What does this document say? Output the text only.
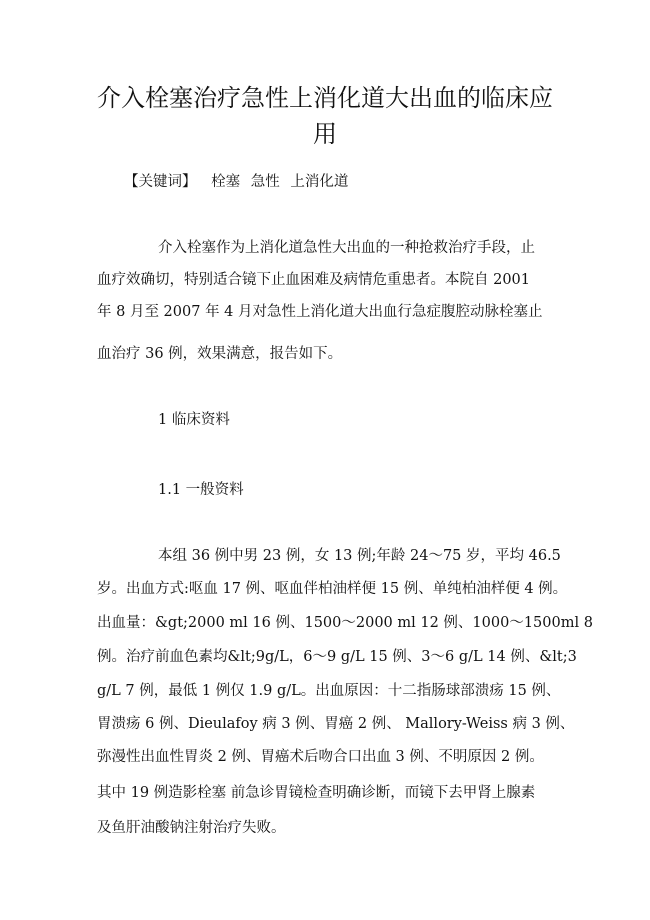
介入栓塞治疗急性上消化道大出血的临床应
用
【关键词】 栓塞 急性 上消化道
介入栓塞作为上消化道急性大出血的一种抢救治疗手段，止
血疗效确切，特别适合镜下止血困难及病情危重患者。本院自 2001
年 8 月至 2007 年 4 月对急性上消化道大出血行急症腹腔动脉栓塞止
血治疗 36 例，效果满意，报告如下。
1 临床资料
1.1 一般资料
本组 36 例中男 23 例，女 13 例;年龄 24～75 岁，平均 46.5
岁。出血方式:呕血 17 例、呕血伴柏油样便 15 例、单纯柏油样便 4 例。
出血量：&gt;2000 ml 16 例、1500～2000 ml 12 例、1000～1500ml 8
例。治疗前血色素均&lt;9g/L，6～9 g/L 15 例、3～6 g/L 14 例、&lt;3
g/L 7 例，最低 1 例仅 1.9 g/L。出血原因：十二指肠球部溃疡 15 例、
胃溃疡 6 例、Dieulafoy 病 3 例、胃癌 2 例、 Mallory-Weiss 病 3 例、
弥漫性出血性胃炎 2 例、胃癌术后吻合口出血 3 例、不明原因 2 例。
其中 19 例造影栓塞 前急诊胃镜检查明确诊断，而镜下去甲肾上腺素
及鱼肝油酸钠注射治疗失败。
